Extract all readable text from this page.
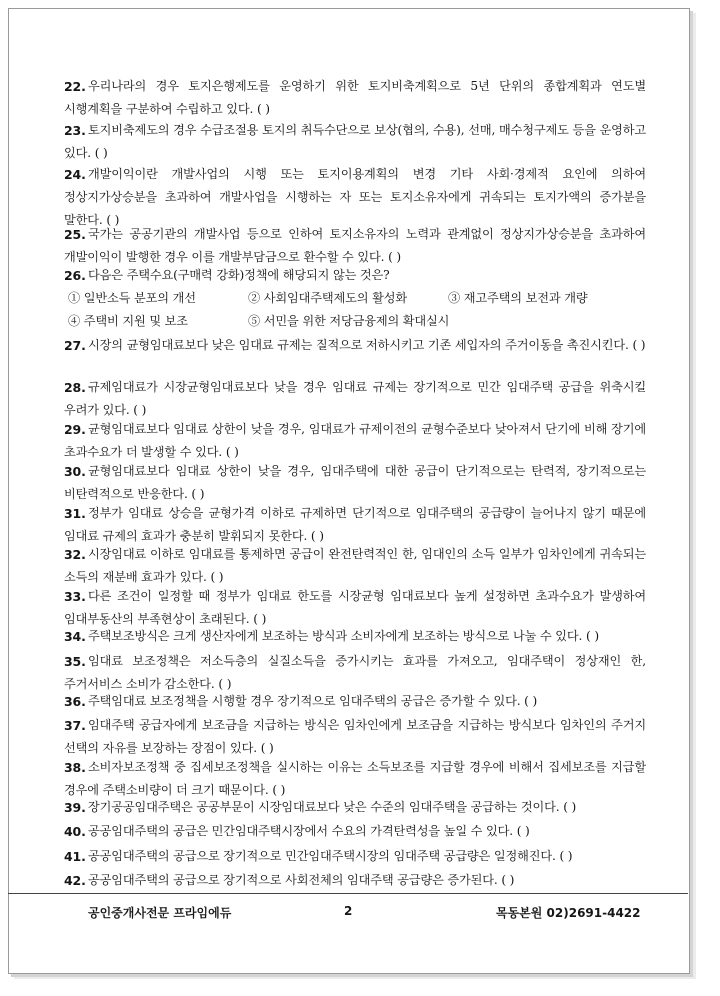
22. 우리나라의 경우 토지은행제도를 운영하기 위한 토지비축계획으로 5년 단위의 종합계획과 연도별 시행계획을 구분하여 수립하고 있다. ( )
23. 토지비축제도의 경우 수급조절용 토지의 취득수단으로 보상(협의, 수용), 선매, 매수청구제도 등을 운영하고 있다. ( )
24. 개발이익이란 개발사업의 시행 또는 토지이용계획의 변경 기타 사회·경제적 요인에 의하여 정상지가상승분을 초과하여 개발사업을 시행하는 자 또는 토지소유자에게 귀속되는 토지가액의 증가분을 말한다. ( )
25. 국가는 공공기관의 개발사업 등으로 인하여 토지소유자의 노력과 관계없이 정상지가상승분을 초과하여 개발이익이 발행한 경우 이를 개발부담금으로 환수할 수 있다. ( )
26. 다음은 주택수요(구매력 강화)정책에 해당되지 않는 것은?
① 일반소득 분포의 개선	② 사회임대주택제도의 활성화	③ 재고주택의 보전과 개량
④ 주택비 지원 및 보조	⑤ 서민을 위한 저당금융제의 확대실시
27. 시장의 균형임대료보다 낮은 임대료 규제는 질적으로 저하시키고 기존 세입자의 주거이동을 촉진시킨다. ( )
28. 규제임대료가 시장균형임대료보다 낮을 경우 임대료 규제는 장기적으로 민간 임대주택 공급을 위축시킬 우려가 있다. ( )
29. 균형임대료보다 임대료 상한이 낮을 경우, 임대료가 규제이전의 균형수준보다 낮아져서 단기에 비해 장기에 초과수요가 더 발생할 수 있다. ( )
30. 균형임대료보다 임대료 상한이 낮을 경우, 임대주택에 대한 공급이 단기적으로는 탄력적, 장기적으로는 비탄력적으로 반응한다. ( )
31. 정부가 임대료 상승을 균형가격 이하로 규제하면 단기적으로 임대주택의 공급량이 늘어나지 않기 때문에 임대료 규제의 효과가 충분히 발휘되지 못한다. ( )
32. 시장임대료 이하로 임대료를 통제하면 공급이 완전탄력적인 한, 임대인의 소득 일부가 임차인에게 귀속되는 소득의 재분배 효과가 있다. ( )
33. 다른 조건이 일정할 때 정부가 임대료 한도를 시장균형 임대료보다 높게 설정하면 초과수요가 발생하여 임대부동산의 부족현상이 초래된다. ( )
34. 주택보조방식은 크게 생산자에게 보조하는 방식과 소비자에게 보조하는 방식으로 나눌 수 있다. ( )
35. 임대료 보조정책은 저소득층의 실질소득을 증가시키는 효과를 가져오고, 임대주택이 정상재인 한, 주거서비스 소비가 감소한다. ( )
36. 주택임대료 보조정책을 시행할 경우 장기적으로 임대주택의 공급은 증가할 수 있다. ( )
37. 임대주택 공급자에게 보조금을 지급하는 방식은 임차인에게 보조금을 지급하는 방식보다 임차인의 주거지 선택의 자유를 보장하는 장점이 있다. ( )
38. 소비자보조정책 중 집세보조정책을 실시하는 이유는 소득보조를 지급할 경우에 비해서 집세보조를 지급할 경우에 주택소비량이 더 크기 때문이다. ( )
39. 장기공공임대주택은 공공부문이 시장임대료보다 낮은 수준의 임대주택을 공급하는 것이다. ( )
40. 공공임대주택의 공급은 민간임대주택시장에서 수요의 가격탄력성을 높일 수 있다. ( )
41. 공공임대주택의 공급으로 장기적으로 민간임대주택시장의 임대주택 공급량은 일정해진다. ( )
42. 공공임대주택의 공급으로 장기적으로 사회전체의 임대주택 공급량은 증가된다. ( )
공인중개사전문 프라임에듀	2	목동본원 02)2691-4422
